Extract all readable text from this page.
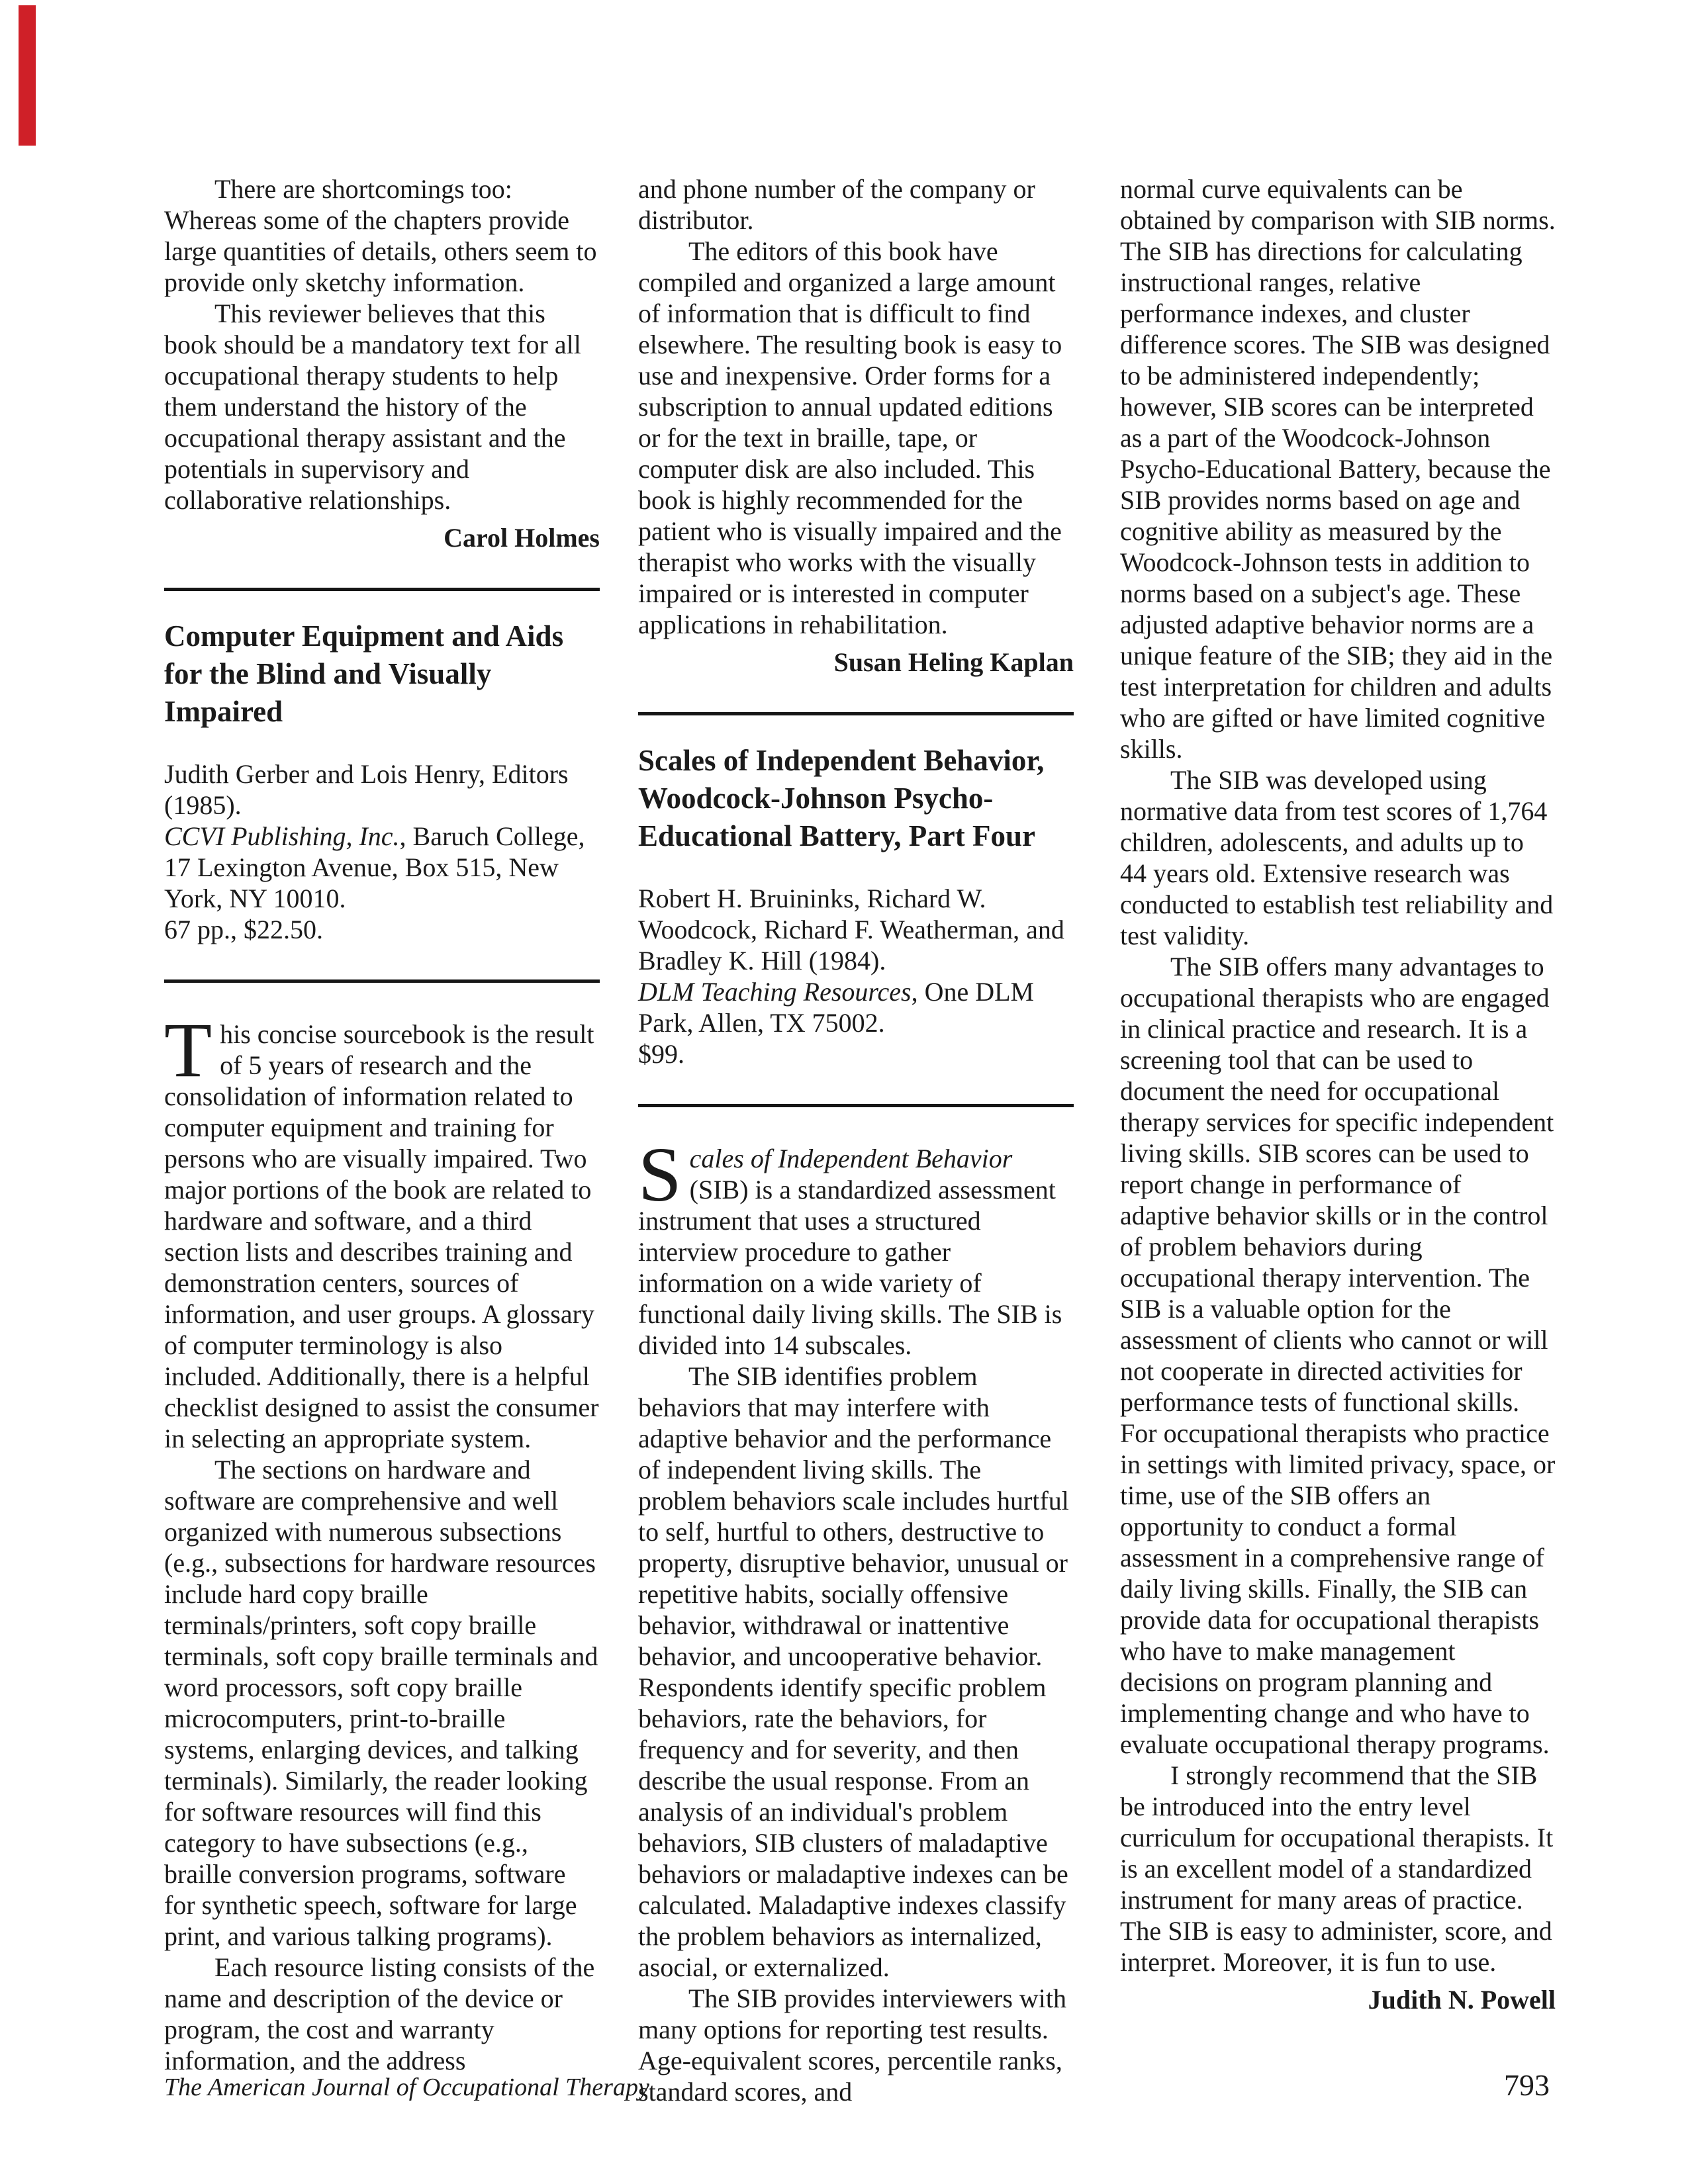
There are shortcomings too: Whereas some of the chapters provide large quantities of details, others seem to provide only sketchy information.

This reviewer believes that this book should be a mandatory text for all occupational therapy students to help them understand the history of the occupational therapy assistant and the potentials in supervisory and collaborative relationships.

Carol Holmes
Computer Equipment and Aids for the Blind and Visually Impaired
Judith Gerber and Lois Henry, Editors (1985).
CCVI Publishing, Inc., Baruch College, 17 Lexington Avenue, Box 515, New York, NY 10010.
67 pp., $22.50.

This concise sourcebook is the result of 5 years of research and the consolidation of information related to computer equipment and training for persons who are visually impaired. Two major portions of the book are related to hardware and software, and a third section lists and describes training and demonstration centers, sources of information, and user groups. A glossary of computer terminology is also included. Additionally, there is a helpful checklist designed to assist the consumer in selecting an appropriate system.

The sections on hardware and software are comprehensive and well organized with numerous subsections (e.g., subsections for hardware resources include hard copy braille terminals/printers, soft copy braille terminals, soft copy braille terminals and word processors, soft copy braille microcomputers, print-to-braille systems, enlarging devices, and talking terminals). Similarly, the reader looking for software resources will find this category to have subsections (e.g., braille conversion programs, software for synthetic speech, software for large print, and various talking programs).

Each resource listing consists of the name and description of the device or program, the cost and warranty information, and the address

and phone number of the company or distributor.

The editors of this book have compiled and organized a large amount of information that is difficult to find elsewhere. The resulting book is easy to use and inexpensive. Order forms for a subscription to annual updated editions or for the text in braille, tape, or computer disk are also included. This book is highly recommended for the patient who is visually impaired and the therapist who works with the visually impaired or is interested in computer applications in rehabilitation.

Susan Heling Kaplan
Scales of Independent Behavior, Woodcock-Johnson Psycho-Educational Battery, Part Four
Robert H. Bruininks, Richard W. Woodcock, Richard F. Weatherman, and Bradley K. Hill (1984).
DLM Teaching Resources, One DLM Park, Allen, TX 75002.
$99.

Scales of Independent Behavior (SIB) is a standardized assessment instrument that uses a structured interview procedure to gather information on a wide variety of functional daily living skills. The SIB is divided into 14 subscales.

The SIB identifies problem behaviors that may interfere with adaptive behavior and the performance of independent living skills. The problem behaviors scale includes hurtful to self, hurtful to others, destructive to property, disruptive behavior, unusual or repetitive habits, socially offensive behavior, withdrawal or inattentive behavior, and uncooperative behavior. Respondents identify specific problem behaviors, rate the behaviors, for frequency and for severity, and then describe the usual response. From an analysis of an individual's problem behaviors, SIB clusters of maladaptive behaviors or maladaptive indexes can be calculated. Maladaptive indexes classify the problem behaviors as internalized, asocial, or externalized.

The SIB provides interviewers with many options for reporting test results. Age-equivalent scores, percentile ranks, standard scores, and

normal curve equivalents can be obtained by comparison with SIB norms. The SIB has directions for calculating instructional ranges, relative performance indexes, and cluster difference scores. The SIB was designed to be administered independently; however, SIB scores can be interpreted as a part of the Woodcock-Johnson Psycho-Educational Battery, because the SIB provides norms based on age and cognitive ability as measured by the Woodcock-Johnson tests in addition to norms based on a subject's age. These adjusted adaptive behavior norms are a unique feature of the SIB; they aid in the test interpretation for children and adults who are gifted or have limited cognitive skills.

The SIB was developed using normative data from test scores of 1,764 children, adolescents, and adults up to 44 years old. Extensive research was conducted to establish test reliability and test validity.

The SIB offers many advantages to occupational therapists who are engaged in clinical practice and research. It is a screening tool that can be used to document the need for occupational therapy services for specific independent living skills. SIB scores can be used to report change in performance of adaptive behavior skills or in the control of problem behaviors during occupational therapy intervention. The SIB is a valuable option for the assessment of clients who cannot or will not cooperate in directed activities for performance tests of functional skills. For occupational therapists who practice in settings with limited privacy, space, or time, use of the SIB offers an opportunity to conduct a formal assessment in a comprehensive range of daily living skills. Finally, the SIB can provide data for occupational therapists who have to make management decisions on program planning and implementing change and who have to evaluate occupational therapy programs.

I strongly recommend that the SIB be introduced into the entry level curriculum for occupational therapists. It is an excellent model of a standardized instrument for many areas of practice. The SIB is easy to administer, score, and interpret. Moreover, it is fun to use.

Judith N. Powell
The American Journal of Occupational Therapy	793
